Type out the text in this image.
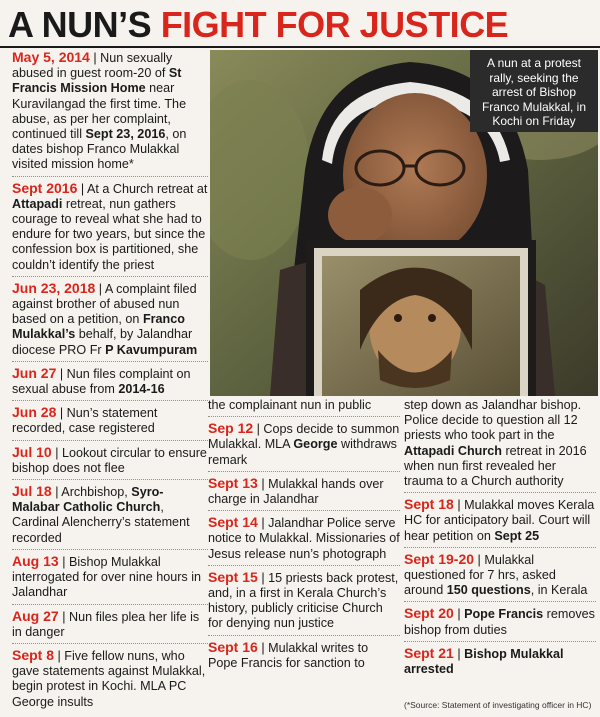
A NUN’S FIGHT FOR JUSTICE
May 5, 2014 | Nun sexually abused in guest room-20 of St Francis Mission Home near Kuravilangad the first time. The abuse, as per her complaint, continued till Sept 23, 2016, on dates bishop Franco Mulakkal visited mission home*
Sept 2016 | At a Church retreat at Attapadi retreat, nun gathers courage to reveal what she had to endure for two years, but since the confession box is partitioned, she couldn’t identify the priest
Jun 23, 2018 | A complaint filed against brother of abused nun based on a petition, on Franco Mulakkal’s behalf, by Jalandhar diocese PRO Fr P Kavumpuram
Jun 27 | Nun files complaint on sexual abuse from 2014-16
Jun 28 | Nun’s statement recorded, case registered
Jul 10 | Lookout circular to ensure bishop does not flee
Jul 18 | Archbishop, Syro-Malabar Catholic Church, Cardinal Alencherry’s statement recorded
Aug 13 | Bishop Mulakkal interrogated for over nine hours in Jalandhar
Aug 27 | Nun files plea her life is in danger
Sept 8 | Five fellow nuns, who gave statements against Mulakkal, begin protest in Kochi. MLA PC George insults
A nun at a protest rally, seeking the arrest of Bishop Franco Mulakkal, in Kochi on Friday
the complainant nun in public
Sep 12 | Cops decide to summon Mulakkal. MLA George withdraws remark
Sept 13 | Mulakkal hands over charge in Jalandhar
Sept 14 | Jalandhar Police serve notice to Mulakkal. Missionaries of Jesus release nun’s photograph
Sept 15 | 15 priests back protest, and, in a first in Kerala Church’s history, publicly criticise Church for denying nun justice
Sept 16 | Mulakkal writes to Pope Francis for sanction to
step down as Jalandhar bishop. Police decide to question all 12 priests who took part in the Attapadi Church retreat in 2016 when nun first revealed her trauma to a Church authority
Sept 18 | Mulakkal moves Kerala HC for anticipatory bail. Court will hear petition on Sept 25
Sept 19-20 | Mulakkal questioned for 7 hrs, asked around 150 questions, in Kerala
Sept 20 | Pope Francis removes bishop from duties
Sept 21 | Bishop Mulakkal arrested
(*Source: Statement of investigating officer in HC)
